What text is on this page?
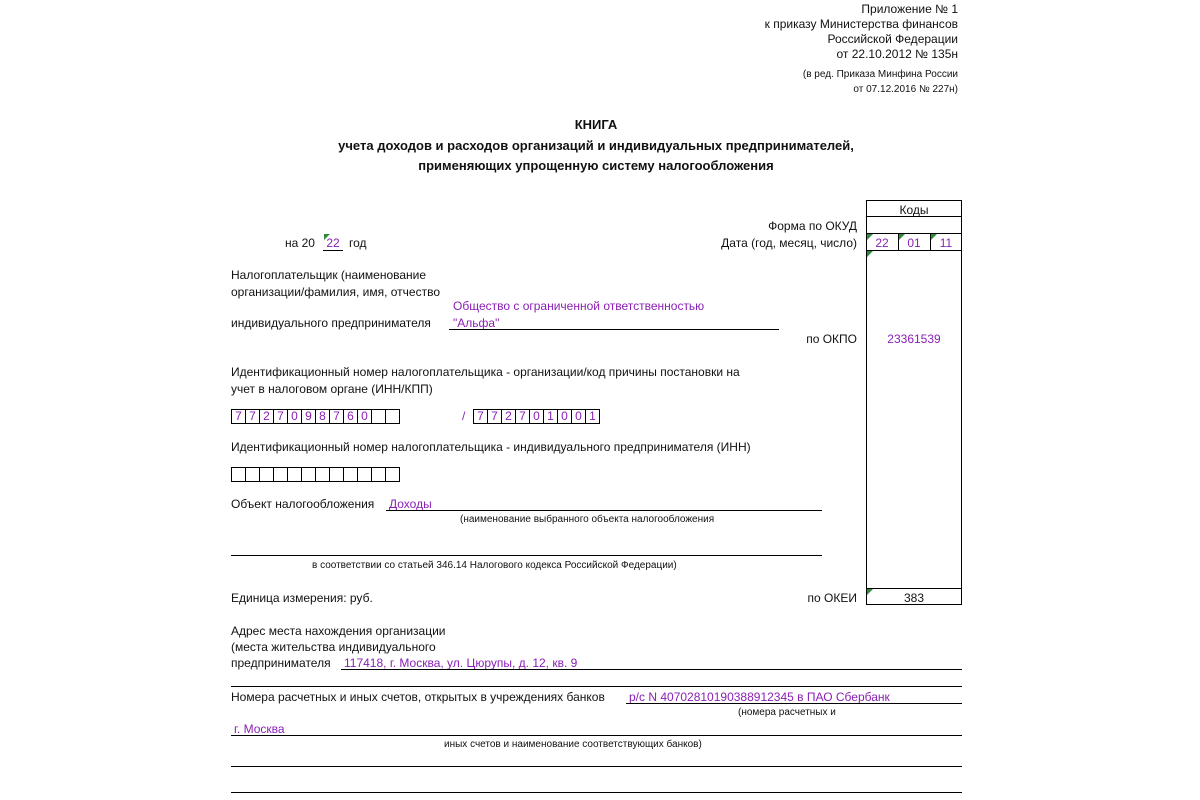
Приложение № 1
к приказу Министерства финансов
Российской Федерации
от 22.10.2012 № 135н
(в ред. Приказа Минфина России
от 07.12.2016 № 227н)
КНИГА
учета доходов и расходов организаций и индивидуальных предпринимателей,
применяющих упрощенную систему налогообложения
Коды
Форма по ОКУД
Дата (год, месяц, число)	22	01	11
по ОКПО	23361539
по ОКЕИ	383
на 20 22 год
Налогоплательщик (наименование
организации/фамилия, имя, отчество
индивидуального предпринимателя
Общество с ограниченной ответственностью
"Альфа"
Идентификационный номер налогоплательщика - организации/код причины постановки на
учет в налоговом органе (ИНН/КПП)
7 7 2 7 0 9 8 7 6 0	/ 7 7 2 7 0 1 0 0 1
Идентификационный номер налогоплательщика - индивидуального предпринимателя (ИНН)
Объект налогообложения Доходы
(наименование выбранного объекта налогообложения
в соответствии со статьей 346.14 Налогового кодекса Российской Федерации)
Единица измерения: руб.
Адрес места нахождения организации
(места жительства индивидуального
предпринимателя 117418, г. Москва, ул. Цюрупы, д. 12, кв. 9
Номера расчетных и иных счетов, открытых в учреждениях банков	р/с N 40702810190388912345 в ПАО Сбербанк
(номера расчетных и
г. Москва
иных счетов и наименование соответствующих банков)
